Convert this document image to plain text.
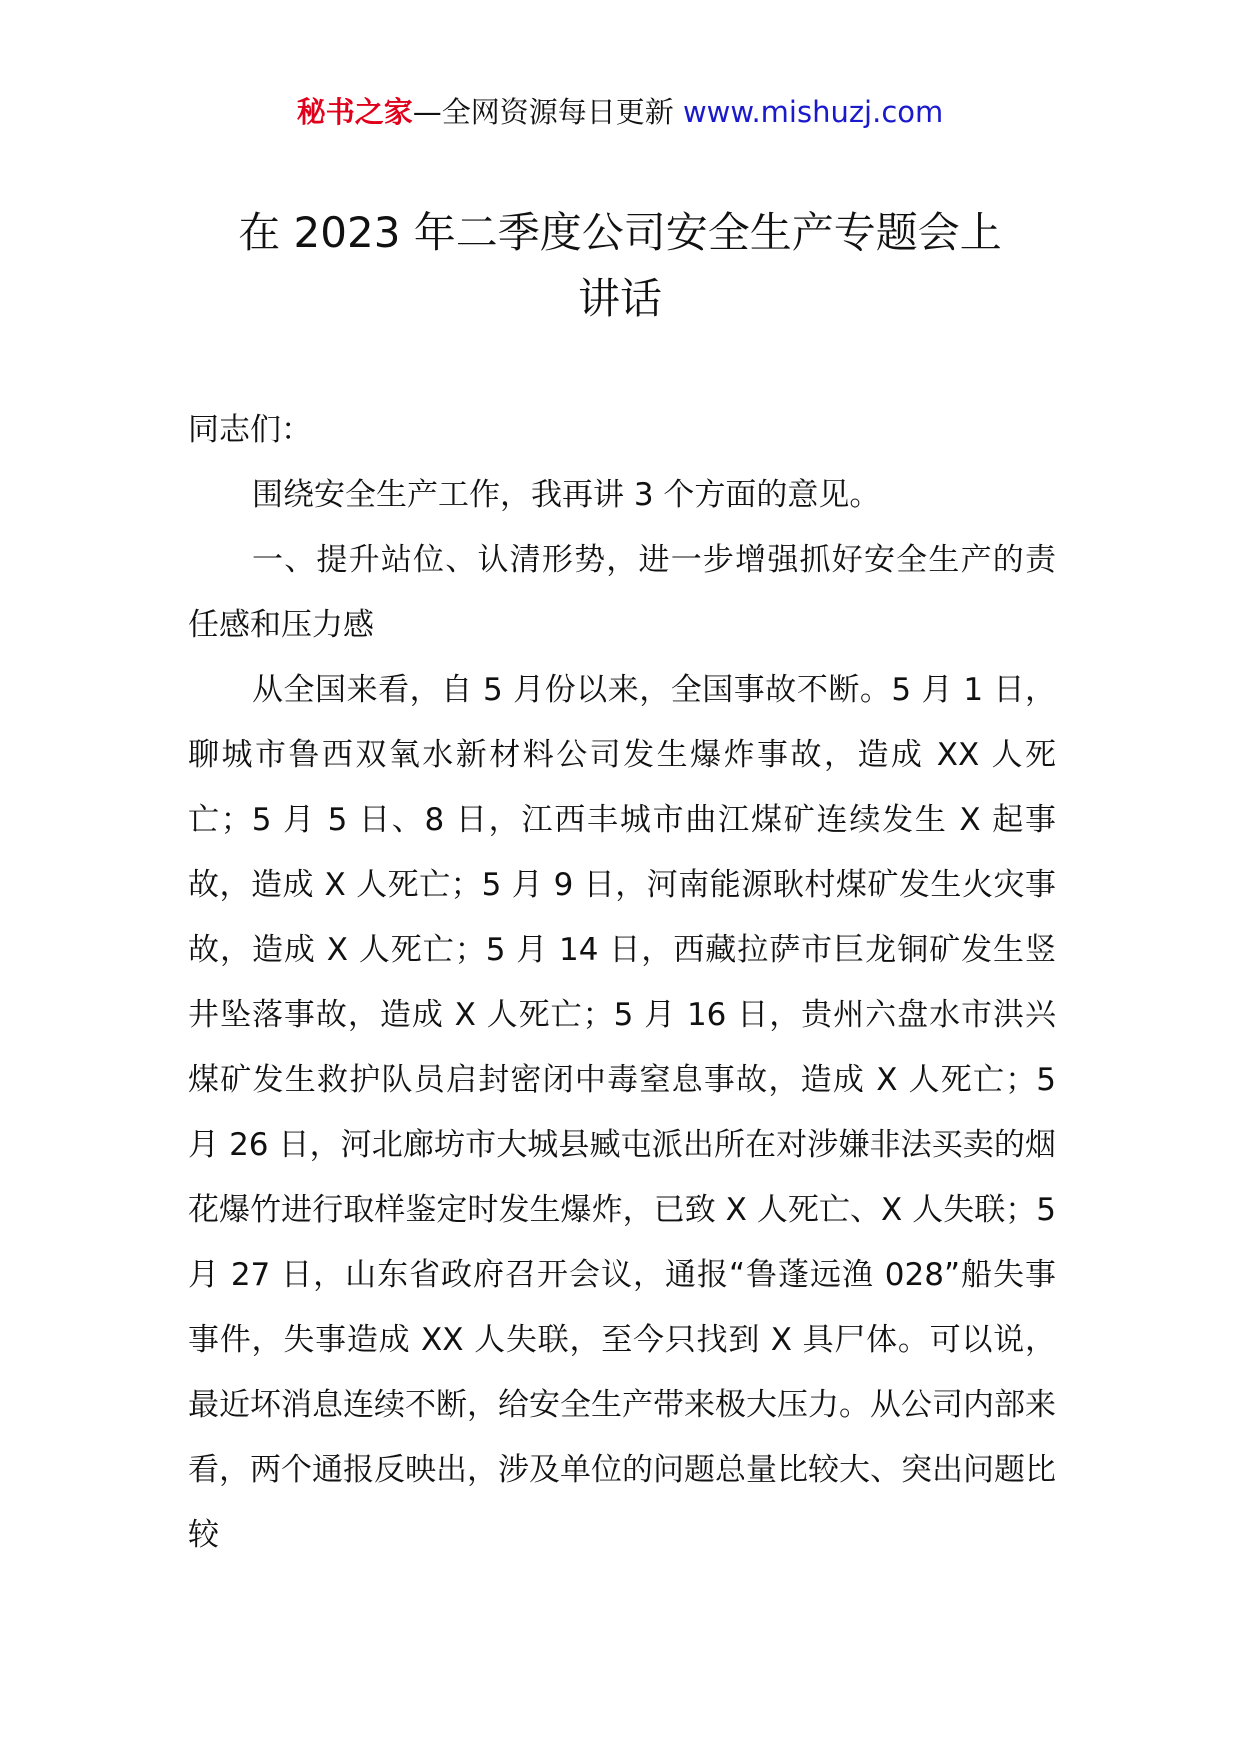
秘书之家—全网资源每日更新 www.mishuzj.com
在 2023 年二季度公司安全生产专题会上
讲话

同志们：

围绕安全生产工作，我再讲 3 个方面的意见。

一、提升站位、认清形势，进一步增强抓好安全生产的责任感和压力感

从全国来看，自 5 月份以来，全国事故不断。5 月 1 日，聊城市鲁西双氧水新材料公司发生爆炸事故，造成 XX 人死亡；5 月 5 日、8 日，江西丰城市曲江煤矿连续发生 X 起事故，造成 X 人死亡；5 月 9 日，河南能源耿村煤矿发生火灾事故，造成 X 人死亡；5 月 14 日，西藏拉萨市巨龙铜矿发生竖井坠落事故，造成 X 人死亡；5 月 16 日，贵州六盘水市洪兴煤矿发生救护队员启封密闭中毒窒息事故，造成 X 人死亡；5 月 26 日，河北廊坊市大城县臧屯派出所在对涉嫌非法买卖的烟花爆竹进行取样鉴定时发生爆炸，已致 X 人死亡、X 人失联；5 月 27 日，山东省政府召开会议，通报“鲁蓬远渔 028”船失事事件，失事造成 XX 人失联，至今只找到 X 具尸体。可以说，最近坏消息连续不断，给安全生产带来极大压力。从公司内部来看，两个通报反映出，涉及单位的问题总量比较大、突出问题比较
